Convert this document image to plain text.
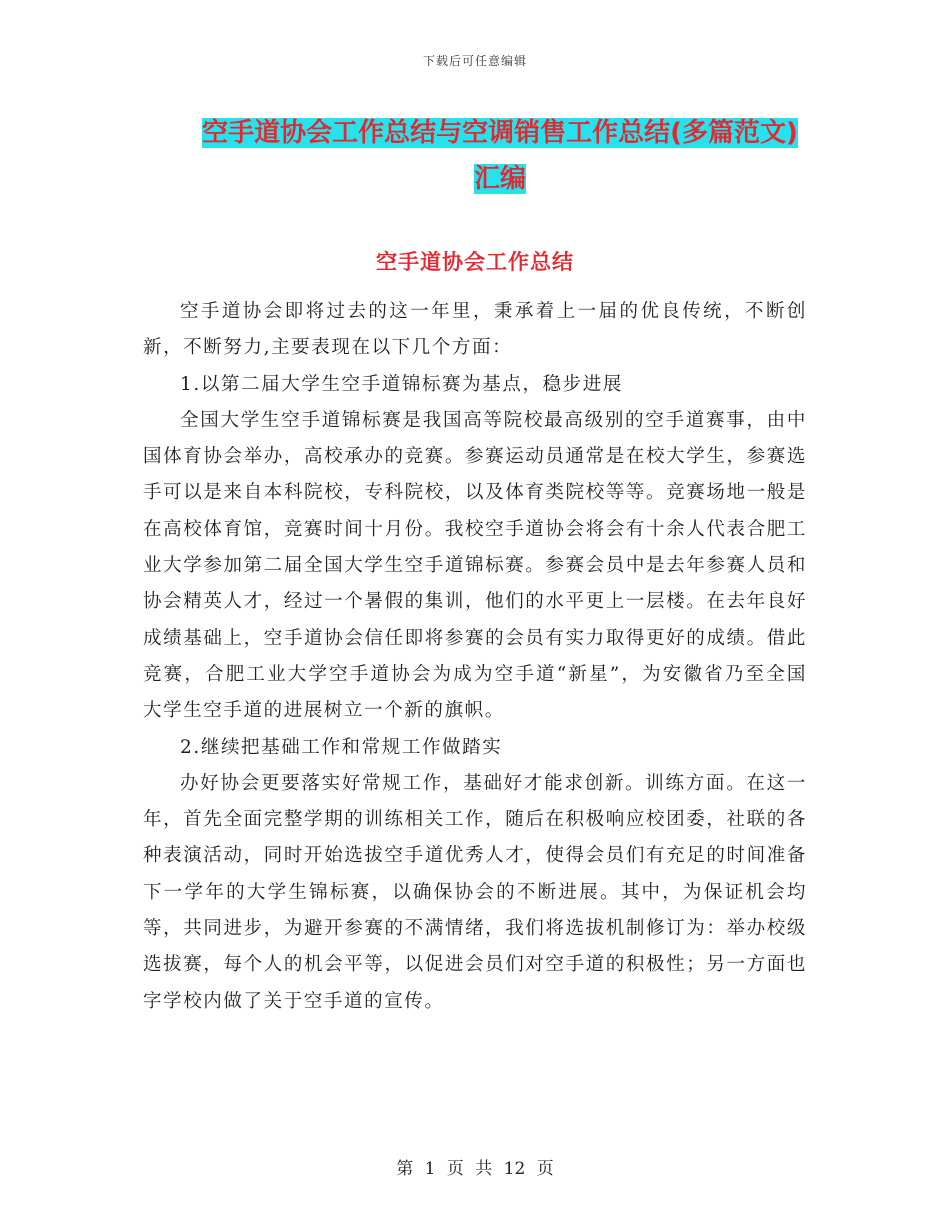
下载后可任意编辑
空手道协会工作总结与空调销售工作总结(多篇范文)
汇编
空手道协会工作总结

空手道协会即将过去的这一年里，秉承着上一届的优良传统，不断创新，不断努力,主要表现在以下几个方面：

1.以第二届大学生空手道锦标赛为基点，稳步进展

全国大学生空手道锦标赛是我国高等院校最高级别的空手道赛事，由中国体育协会举办，高校承办的竞赛。参赛运动员通常是在校大学生，参赛选手可以是来自本科院校，专科院校，以及体育类院校等等。竞赛场地一般是在高校体育馆，竞赛时间十月份。我校空手道协会将会有十余人代表合肥工业大学参加第二届全国大学生空手道锦标赛。参赛会员中是去年参赛人员和协会精英人才，经过一个暑假的集训，他们的水平更上一层楼。在去年良好成绩基础上，空手道协会信任即将参赛的会员有实力取得更好的成绩。借此竞赛，合肥工业大学空手道协会为成为空手道“新星”，为安徽省乃至全国大学生空手道的进展树立一个新的旗帜。

2.继续把基础工作和常规工作做踏实

办好协会更要落实好常规工作，基础好才能求创新。训练方面。在这一年，首先全面完整学期的训练相关工作，随后在积极响应校团委，社联的各种表演活动，同时开始选拔空手道优秀人才，使得会员们有充足的时间准备下一学年的大学生锦标赛，以确保协会的不断进展。其中，为保证机会均等，共同进步，为避开参赛的不满情绪，我们将选拔机制修订为：举办校级选拔赛，每个人的机会平等，以促进会员们对空手道的积极性；另一方面也字学校内做了关于空手道的宣传。

第 1 页 共 12 页
